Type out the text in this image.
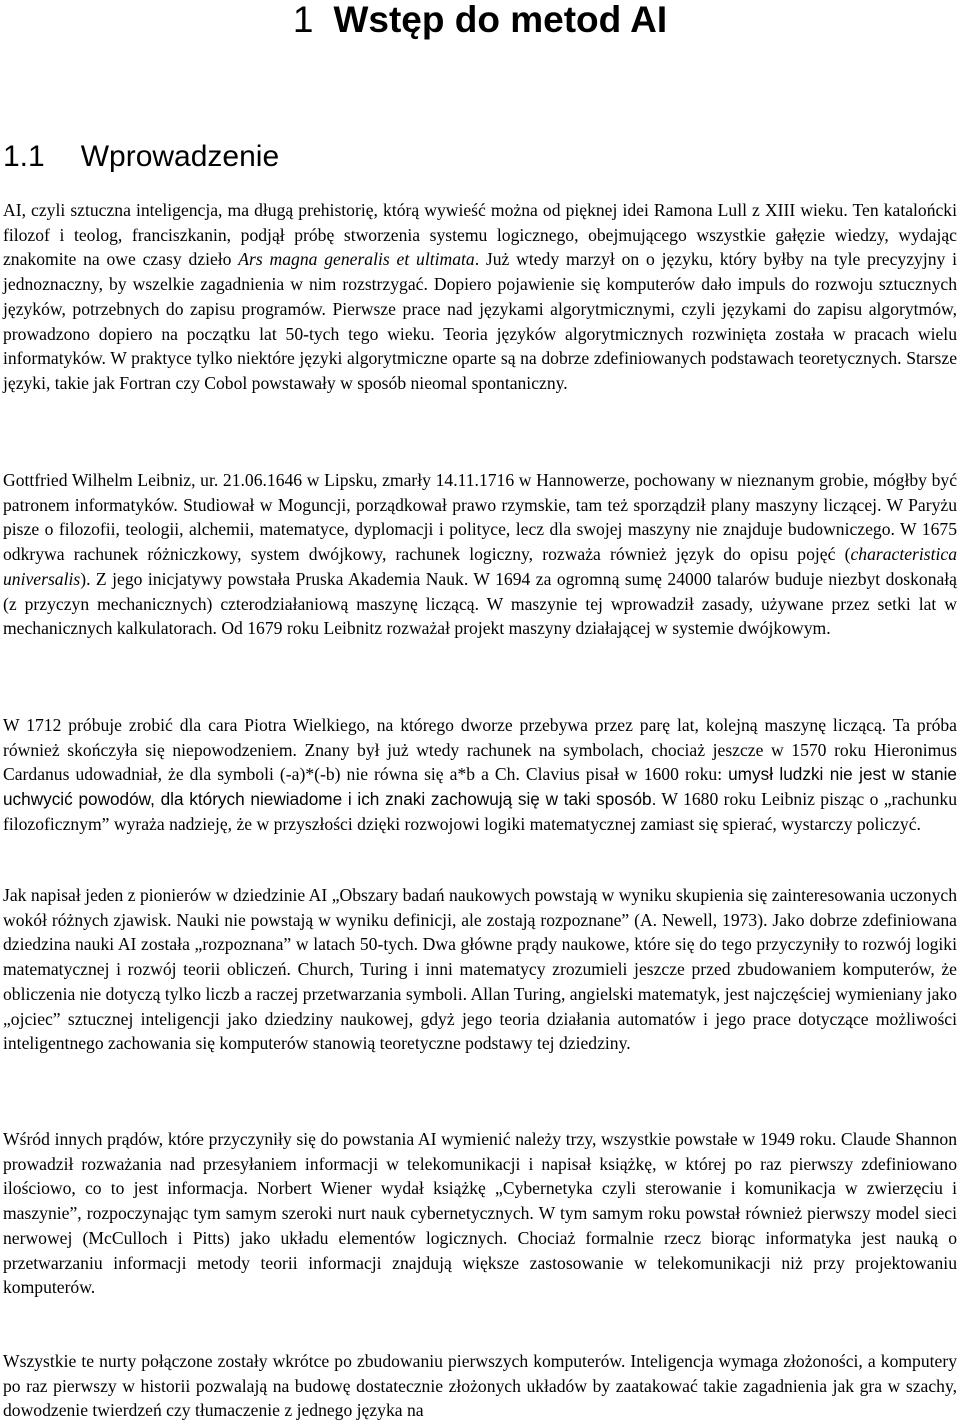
1 Wstęp do metod AI
1.1 Wprowadzenie

AI, czyli sztuczna inteligencja, ma długą prehistorię, którą wywieść można od pięknej idei Ramona Lull z XIII wieku. Ten katalońcki filozof i teolog, franciszkanin, podjął próbę stworzenia systemu logicznego, obejmującego wszystkie gałęzie wiedzy, wydając znakomite na owe czasy dzieło Ars magna generalis et ultimata. Już wtedy marzył on o języku, który byłby na tyle precyzyjny i jednoznaczny, by wszelkie zagadnienia w nim rozstrzygać. Dopiero pojawienie się komputerów dało impuls do rozwoju sztucznych języków, potrzebnych do zapisu programów. Pierwsze prace nad językami algorytmicznymi, czyli językami do zapisu algorytmów, prowadzono dopiero na początku lat 50-tych tego wieku. Teoria języków algorytmicznych rozwinięta została w pracach wielu informatyków. W praktyce tylko niektóre języki algorytmiczne oparte są na dobrze zdefiniowanych podstawach teoretycznych. Starsze języki, takie jak Fortran czy Cobol powstawały w sposób nieomal spontaniczny.

Gottfried Wilhelm Leibniz, ur. 21.06.1646 w Lipsku, zmarły 14.11.1716 w Hannowerze, pochowany w nieznanym grobie, mógłby być patronem informatyków. Studiował w Moguncji, porządkował prawo rzymskie, tam też sporządził plany maszyny liczącej. W Paryżu pisze o filozofii, teologii, alchemii, matematyce, dyplomacji i polityce, lecz dla swojej maszyny nie znajduje budowniczego. W 1675 odkrywa rachunek różniczkowy, system dwójkowy, rachunek logiczny, rozważa również język do opisu pojęć (characteristica universalis). Z jego inicjatywy powstała Pruska Akademia Nauk. W 1694 za ogromną sumę 24000 talarów buduje niezbyt doskonałą (z przyczyn mechanicznych) czterodziałaniową maszynę liczącą. W maszynie tej wprowadził zasady, używane przez setki lat w mechanicznych kalkulatorach. Od 1679 roku Leibnitz rozważał projekt maszyny działającej w systemie dwójkowym.

W 1712 próbuje zrobić dla cara Piotra Wielkiego, na którego dworze przebywa przez parę lat, kolejną maszynę liczącą. Ta próba również skończyła się niepowodzeniem. Znany był już wtedy rachunek na symbolach, chociaż jeszcze w 1570 roku Hieronimus Cardanus udowadniał, że dla symboli (-a)*(-b) nie równa się a*b a Ch. Clavius pisał w 1600 roku: umysł ludzki nie jest w stanie uchwycić powodów, dla których niewiadome i ich znaki zachowują się w taki sposób. W 1680 roku Leibniz pisząc o „rachunku filozoficznym” wyraża nadzieję, że w przyszłości dzięki rozwojowi logiki matematycznej zamiast się spierać, wystarczy policzyć.

Jak napisał jeden z pionierów w dziedzinie AI „Obszary badań naukowych powstają w wyniku skupienia się zainteresowania uczonych wokół różnych zjawisk. Nauki nie powstają w wyniku definicji, ale zostają rozpoznane” (A. Newell, 1973). Jako dobrze zdefiniowana dziedzina nauki AI została „rozpoznana” w latach 50-tych. Dwa główne prądy naukowe, które się do tego przyczyniły to rozwój logiki matematycznej i rozwój teorii obliczeń. Church, Turing i inni matematycy zrozumieli jeszcze przed zbudowaniem komputerów, że obliczenia nie dotyczą tylko liczb a raczej przetwarzania symboli. Allan Turing, angielski matematyk, jest najczęściej wymieniany jako „ojciec” sztucznej inteligencji jako dziedziny naukowej, gdyż jego teoria działania automatów i jego prace dotyczące możliwości inteligentnego zachowania się komputerów stanowią teoretyczne podstawy tej dziedziny.

Wśród innych prądów, które przyczyniły się do powstania AI wymienić należy trzy, wszystkie powstałe w 1949 roku. Claude Shannon prowadził rozważania nad przesyłaniem informacji w telekomunikacji i napisał książkę, w której po raz pierwszy zdefiniowano ilościowo, co to jest informacja. Norbert Wiener wydał książkę „Cybernetyka czyli sterowanie i komunikacja w zwierzęciu i maszynie”, rozpoczynając tym samym szeroki nurt nauk cybernetycznych. W tym samym roku powstał również pierwszy model sieci nerwowej (McCulloch i Pitts) jako układu elementów logicznych. Chociaż formalnie rzecz biorąc informatyka jest nauką o przetwarzaniu informacji metody teorii informacji znajdują większe zastosowanie w telekomunikacji niż przy projektowaniu komputerów.

Wszystkie te nurty połączone zostały wkrótce po zbudowaniu pierwszych komputerów. Inteligencja wymaga złożoności, a komputery po raz pierwszy w historii pozwalają na budowę dostatecznie złożonych układów by zaatakować takie zagadnienia jak gra w szachy, dowodzenie twierdzeń czy tłumaczenie z jednego języka na
